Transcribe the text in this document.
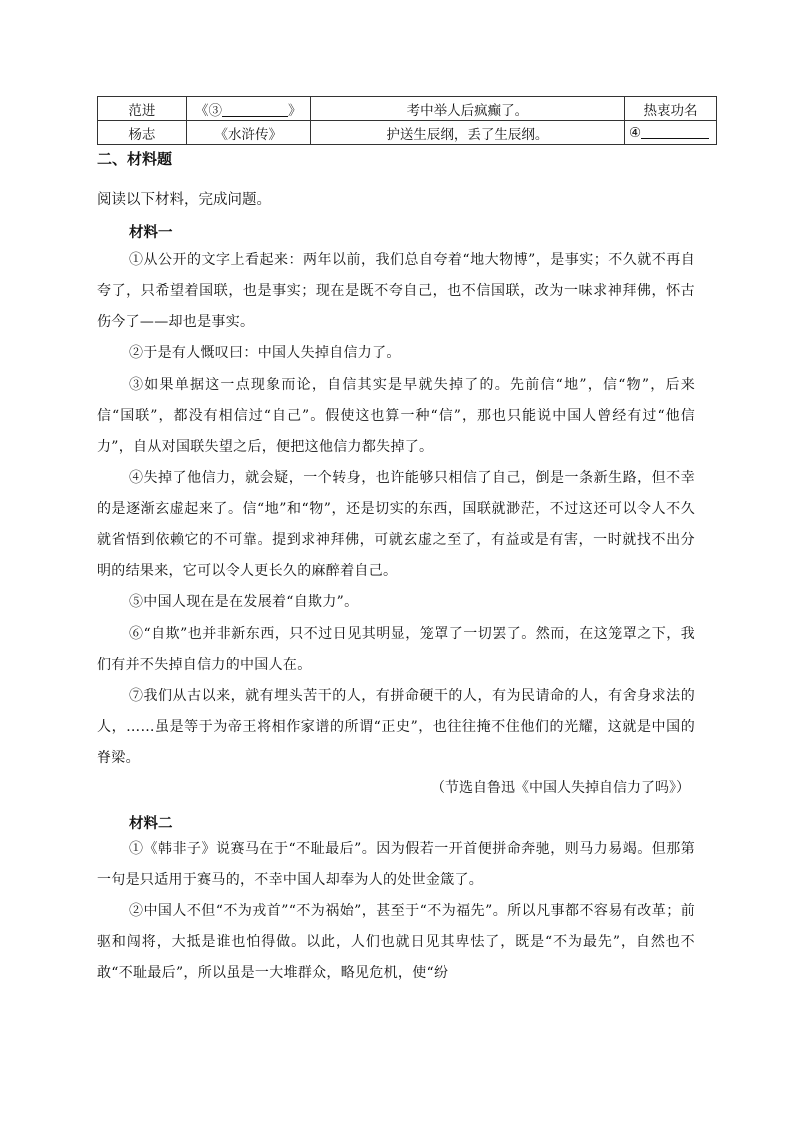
范进	《③ 》	考中举人后疯癫了。	热衷功名
杨志	《水浒传》	护送生辰纲，丢了生辰纲。	④
二、材料题
阅读以下材料，完成问题。
材料一
①从公开的文字上看起来：两年以前，我们总自夸着“地大物博”，是事实；不久就不再自夸了，只希望着国联，也是事实；现在是既不夸自己，也不信国联，改为一味求神拜佛，怀古伤今了——却也是事实。
②于是有人慨叹曰：中国人失掉自信力了。
③如果单据这一点现象而论，自信其实是早就失掉了的。先前信“地”，信“物”，后来信“国联”，都没有相信过“自己”。假使这也算一种“信”，那也只能说中国人曾经有过“他信力”，自从对国联失望之后，便把这他信力都失掉了。
④失掉了他信力，就会疑，一个转身，也许能够只相信了自己，倒是一条新生路，但不幸的是逐渐玄虚起来了。信“地”和“物”，还是切实的东西，国联就渺茫，不过这还可以令人不久就省悟到依赖它的不可靠。提到求神拜佛，可就玄虚之至了，有益或是有害，一时就找不出分明的结果来，它可以令人更长久的麻醉着自己。
⑤中国人现在是在发展着“自欺力”。
⑥“自欺”也并非新东西，只不过日见其明显，笼罩了一切罢了。然而，在这笼罩之下，我们有并不失掉自信力的中国人在。
⑦我们从古以来，就有埋头苦干的人，有拼命硬干的人，有为民请命的人，有舍身求法的人，……虽是等于为帝王将相作家谱的所谓“正史”，也往往掩不住他们的光耀，这就是中国的脊梁。
（节选自鲁迅《中国人失掉自信力了吗》）
材料二
①《韩非子》说赛马在于“不耻最后”。因为假若一开首便拼命奔驰，则马力易竭。但那第一句是只适用于赛马的，不幸中国人却奉为人的处世金箴了。
②中国人不但“不为戎首”“不为祸始”，甚至于“不为福先”。所以凡事都不容易有改革；前驱和闯将，大抵是谁也怕得做。以此，人们也就日见其卑怯了，既是“不为最先”，自然也不敢“不耻最后”，所以虽是一大堆群众，略见危机，使“纷
